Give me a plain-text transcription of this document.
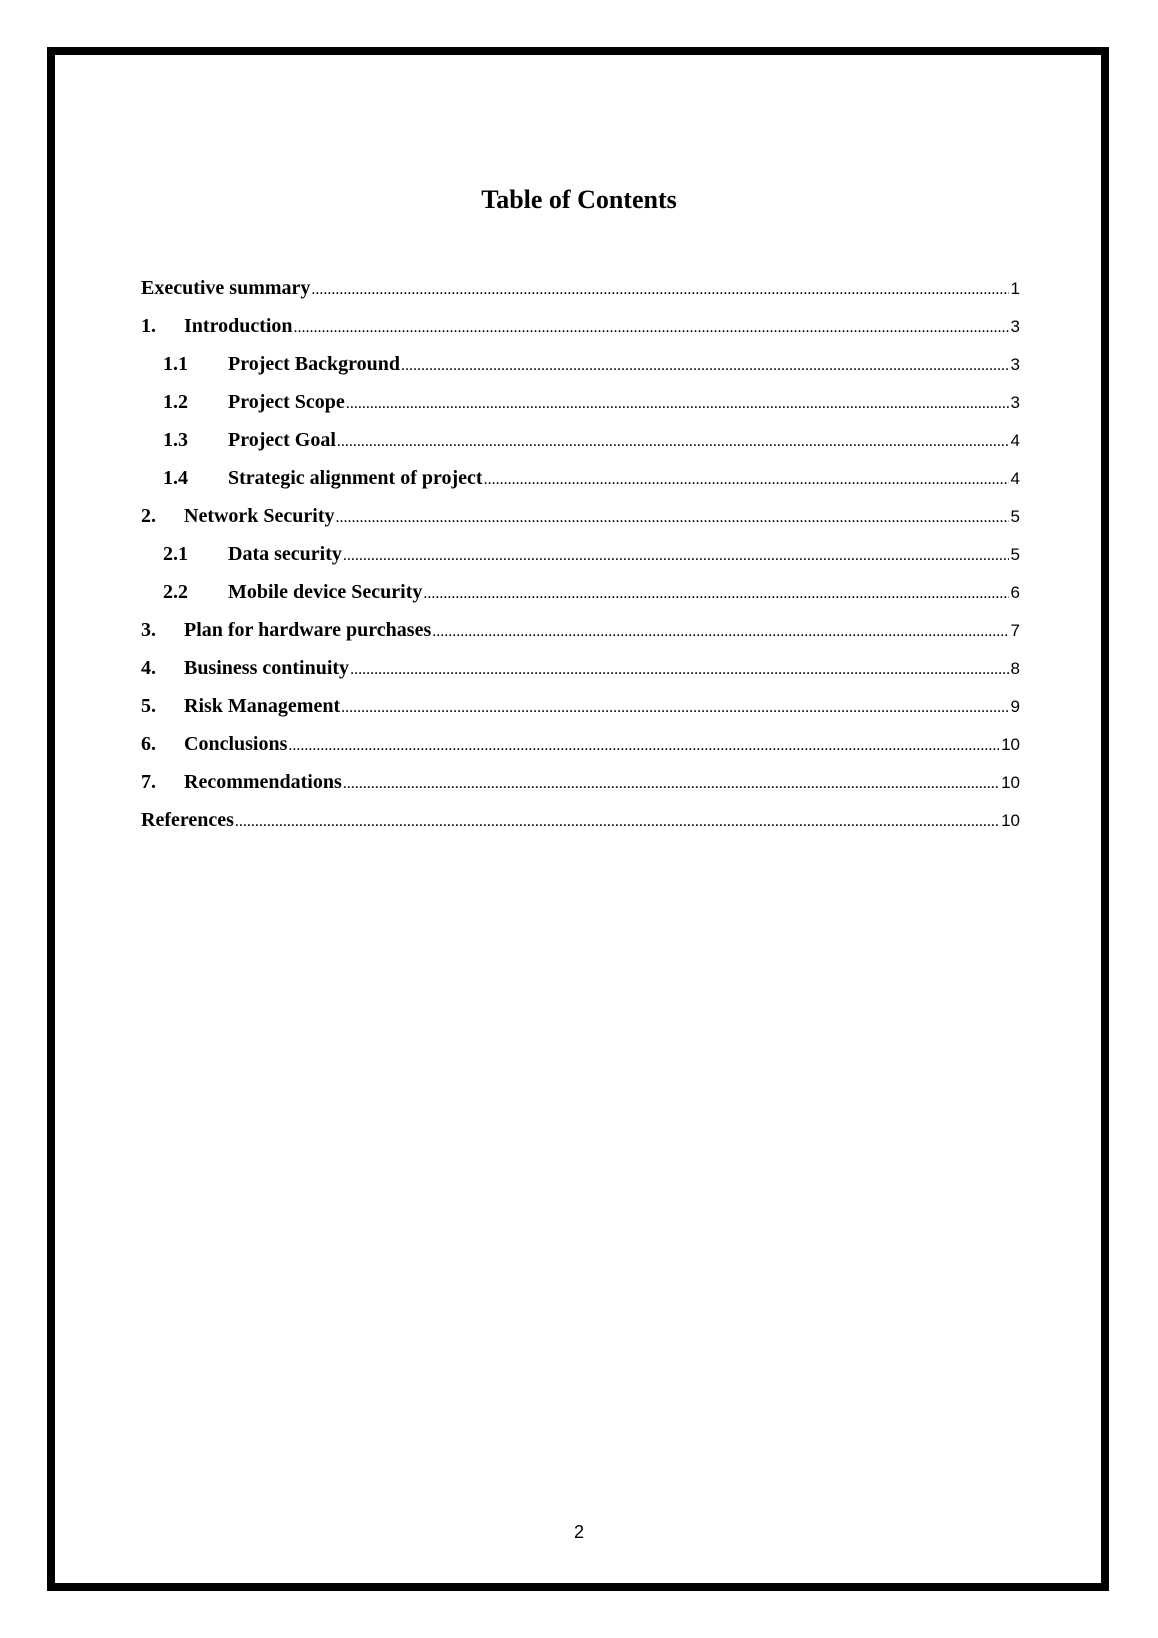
Table of Contents
Executive summary .....	1
1.	Introduction .....	3
1.1	Project Background .....	3
1.2	Project Scope .....	3
1.3	Project Goal .....	4
1.4	Strategic alignment of project .....	4
2.	Network Security .....	5
2.1	Data security .....	5
2.2	Mobile device Security .....	6
3.	Plan for hardware purchases .....	7
4.	Business continuity .....	8
5.	Risk Management .....	9
6.	Conclusions .....	10
7.	Recommendations .....	10
References .....	10
2
